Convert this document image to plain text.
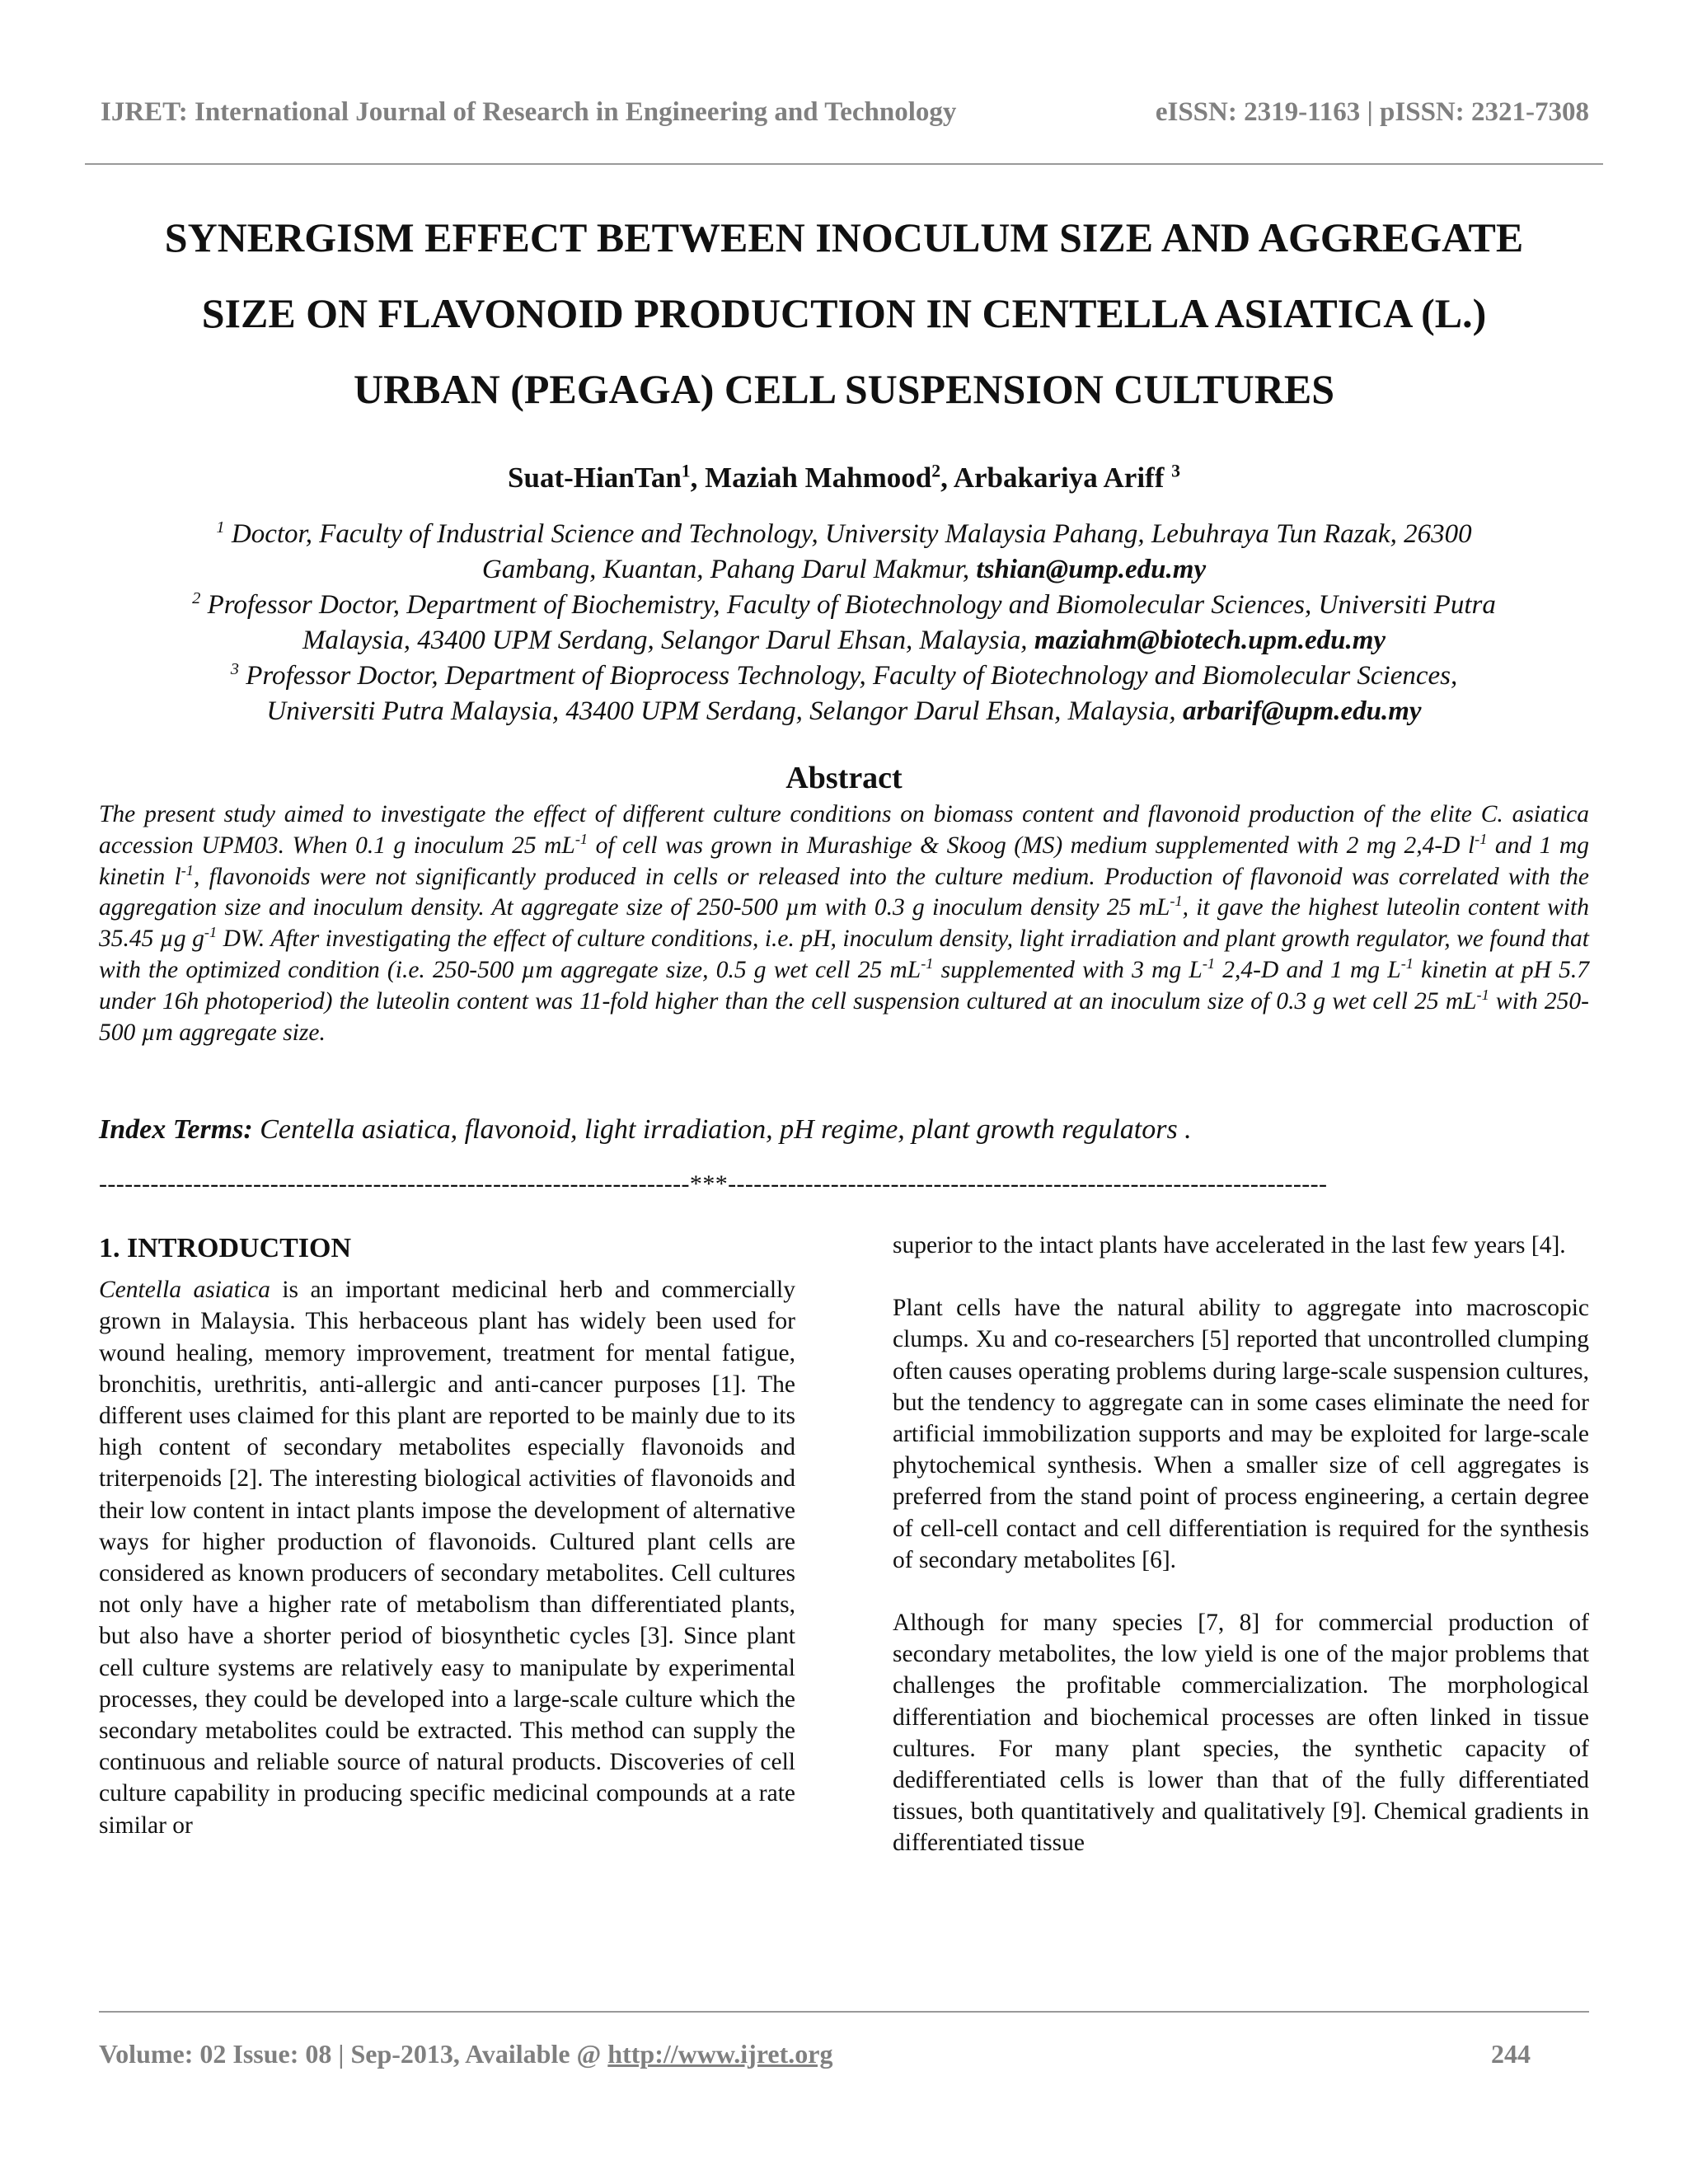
IJRET: International Journal of Research in Engineering and Technology	eISSN: 2319-1163 | pISSN: 2321-7308
SYNERGISM EFFECT BETWEEN INOCULUM SIZE AND AGGREGATE
SIZE ON FLAVONOID PRODUCTION IN CENTELLA ASIATICA (L.)
URBAN (PEGAGA) CELL SUSPENSION CULTURES
Suat-HianTan$^1$, Maziah Mahmood$^2$, Arbakariya Ariff $^3$

$^1$ Doctor, Faculty of Industrial Science and Technology, University Malaysia Pahang, Lebuhraya Tun Razak, 26300
Gambang, Kuantan, Pahang Darul Makmur, tshian@ump.edu.my

$^2$ Professor Doctor, Department of Biochemistry, Faculty of Biotechnology and Biomolecular Sciences, Universiti Putra
Malaysia, 43400 UPM Serdang, Selangor Darul Ehsan, Malaysia, maziahm@biotech.upm.edu.my

$^3$ Professor Doctor, Department of Bioprocess Technology, Faculty of Biotechnology and Biomolecular Sciences,
Universiti Putra Malaysia, 43400 UPM Serdang, Selangor Darul Ehsan, Malaysia, arbarif@upm.edu.my

Abstract

The present study aimed to investigate the effect of different culture conditions on biomass content and flavonoid production of the elite C. asiatica accession UPM03. When 0.1 g inoculum 25 $mL^{-1}$ of cell was grown in Murashige & Skoog (MS) medium supplemented with 2 mg 2,4-D $l^{-1}$ and 1 mg kinetin $l^{-1}$, flavonoids were not significantly produced in cells or released into the culture medium. Production of flavonoid was correlated with the aggregation size and inoculum density. At aggregate size of 250-500 µm with 0.3 g inoculum density 25 $mL^{-1}$, it gave the highest luteolin content with 35.45 µg $g^{-1}$ DW. After investigating the effect of culture conditions, i.e. pH, inoculum density, light irradiation and plant growth regulator, we found that with the optimized condition (i.e. 250-500 µm aggregate size, 0.5 g wet cell 25 $mL^{-1}$ supplemented with 3 mg $L^{-1}$ 2,4-D and 1 mg $L^{-1}$ kinetin at pH 5.7 under 16h photoperiod) the luteolin content was 11-fold higher than the cell suspension cultured at an inoculum size of 0.3 g wet cell 25 $mL^{-1}$ with 250-500 µm aggregate size.

Index Terms: Centella asiatica, flavonoid, light irradiation, pH regime, plant growth regulators .
---------------------------------------------------------------------***----------------------------------------------------------------------
1. INTRODUCTION

Centella asiatica is an important medicinal herb and commercially grown in Malaysia. This herbaceous plant has widely been used for wound healing, memory improvement, treatment for mental fatigue, bronchitis, urethritis, anti-allergic and anti-cancer purposes [1]. The different uses claimed for this plant are reported to be mainly due to its high content of secondary metabolites especially flavonoids and triterpenoids [2]. The interesting biological activities of flavonoids and their low content in intact plants impose the development of alternative ways for higher production of flavonoids. Cultured plant cells are considered as known producers of secondary metabolites. Cell cultures not only have a higher rate of metabolism than differentiated plants, but also have a shorter period of biosynthetic cycles [3]. Since plant cell culture systems are relatively easy to manipulate by experimental processes, they could be developed into a large-scale culture which the secondary metabolites could be extracted. This method can supply the continuous and reliable source of natural products. Discoveries of cell culture capability in producing specific medicinal compounds at a rate similar or

superior to the intact plants have accelerated in the last few years [4].

Plant cells have the natural ability to aggregate into macroscopic clumps. Xu and co-researchers [5] reported that uncontrolled clumping often causes operating problems during large-scale suspension cultures, but the tendency to aggregate can in some cases eliminate the need for artificial immobilization supports and may be exploited for large-scale phytochemical synthesis. When a smaller size of cell aggregates is preferred from the stand point of process engineering, a certain degree of cell-cell contact and cell differentiation is required for the synthesis of secondary metabolites [6].

Although for many species [7, 8] for commercial production of secondary metabolites, the low yield is one of the major problems that challenges the profitable commercialization. The morphological differentiation and biochemical processes are often linked in tissue cultures. For many plant species, the synthetic capacity of dedifferentiated cells is lower than that of the fully differentiated tissues, both quantitatively and qualitatively [9]. Chemical gradients in differentiated tissue

Volume: 02 Issue: 08 | Sep-2013, Available @ http://www.ijret.org	244
